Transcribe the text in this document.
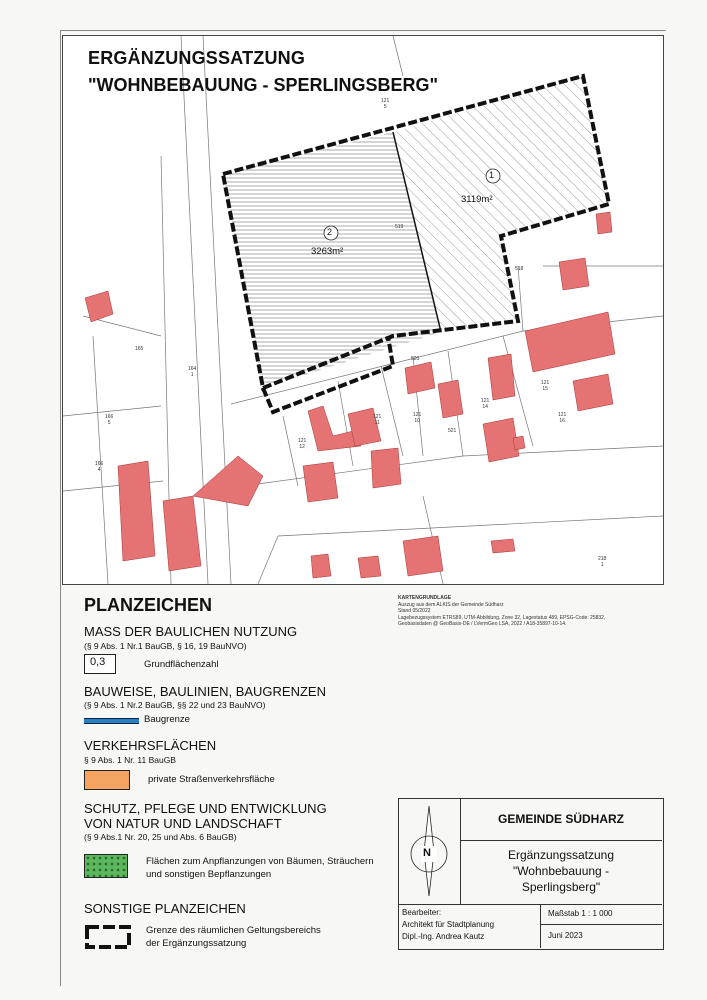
1
3119m²
2
3263m²
121
5
519
518
165
164
1
166
5
166
4
520
521
121
10
121
11
121
12
121
14
121
15
121
16
218
1
ERGÄNZUNGSSATZUNG
"WOHNBEBAUUNG - SPERLINGSBERG"
PLANZEICHEN
MASS DER BAULICHEN NUTZUNG
(§ 9 Abs. 1 Nr.1 BauGB, § 16, 19 BauNVO)
0,3	Grundflächenzahl
BAUWEISE, BAULINIEN, BAUGRENZEN
(§ 9 Abs. 1 Nr.2 BauGB, §§ 22 und 23 BauNVO)
Baugrenze
VERKEHRSFLÄCHEN
§ 9 Abs. 1 Nr. 11 BauGB
private Straßenverkehrsfläche
SCHUTZ, PFLEGE UND ENTWICKLUNG
VON NATUR UND LANDSCHAFT
(§ 9 Abs.1 Nr. 20, 25 und Abs. 6 BauGB)
Flächen zum Anpflanzungen von Bäumen, Sträuchern
und sonstigen Bepflanzungen
SONSTIGE PLANZEICHEN
Grenze des räumlichen Geltungsbereichs
der Ergänzungssatzung
KARTENGRUNDLAGE
Auszug aus dem ALKIS der Gemeinde Südharz
Stand 05/2022
Lagebezugssystem ETRS89, UTM-Abbildung, Zone 32, Lagestatus 489, EPSG-Code: 25832,
Geobasisdaten @ GeoBasis-DE / LVermGeo LSA, 2022 / A18-35897-10-14.
N
GEMEINDE SÜDHARZ
Ergänzungssatzung
"Wohnbebauung -
Sperlingsberg"
Bearbeiter:
Architekt für Stadtplanung
Dipl.-Ing. Andrea Kautz
Maßstab 1 : 1 000
Juni 2023
